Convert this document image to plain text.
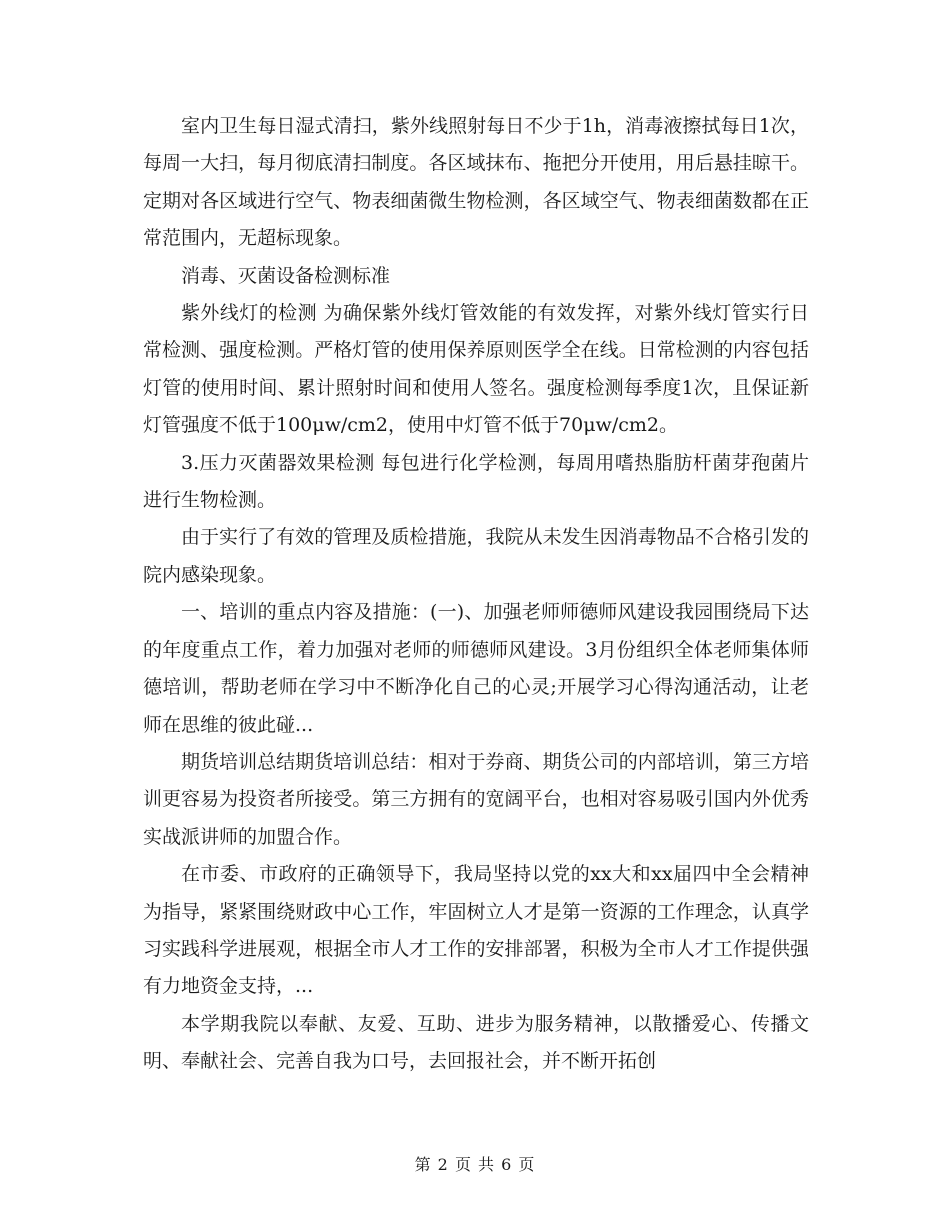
室内卫生每日湿式清扫，紫外线照射每日不少于1h，消毒液擦拭每日1次，每周一大扫，每月彻底清扫制度。各区域抹布、拖把分开使用，用后悬挂晾干。定期对各区域进行空气、物表细菌微生物检测，各区域空气、物表细菌数都在正常范围内，无超标现象。

消毒、灭菌设备检测标准

紫外线灯的检测 为确保紫外线灯管效能的有效发挥，对紫外线灯管实行日常检测、强度检测。严格灯管的使用保养原则医学全在线。日常检测的内容包括灯管的使用时间、累计照射时间和使用人签名。强度检测每季度1次，且保证新灯管强度不低于100μw/cm2，使用中灯管不低于70μw/cm2。

3.压力灭菌器效果检测 每包进行化学检测，每周用嗜热脂肪杆菌芽孢菌片进行生物检测。

由于实行了有效的管理及质检措施，我院从未发生因消毒物品不合格引发的院内感染现象。

一、培训的重点内容及措施：(一)、加强老师师德师风建设我园围绕局下达的年度重点工作，着力加强对老师的师德师风建设。3月份组织全体老师集体师德培训，帮助老师在学习中不断净化自己的心灵;开展学习心得沟通活动，让老师在思维的彼此碰...

期货培训总结期货培训总结：相对于券商、期货公司的内部培训，第三方培训更容易为投资者所接受。第三方拥有的宽阔平台，也相对容易吸引国内外优秀实战派讲师的加盟合作。

在市委、市政府的正确领导下，我局坚持以党的xx大和xx届四中全会精神为指导，紧紧围绕财政中心工作，牢固树立人才是第一资源的工作理念，认真学习实践科学进展观，根据全市人才工作的安排部署，积极为全市人才工作提供强有力地资金支持，...

本学期我院以奉献、友爱、互助、进步为服务精神，以散播爱心、传播文明、奉献社会、完善自我为口号，去回报社会，并不断开拓创

第 2 页 共 6 页
